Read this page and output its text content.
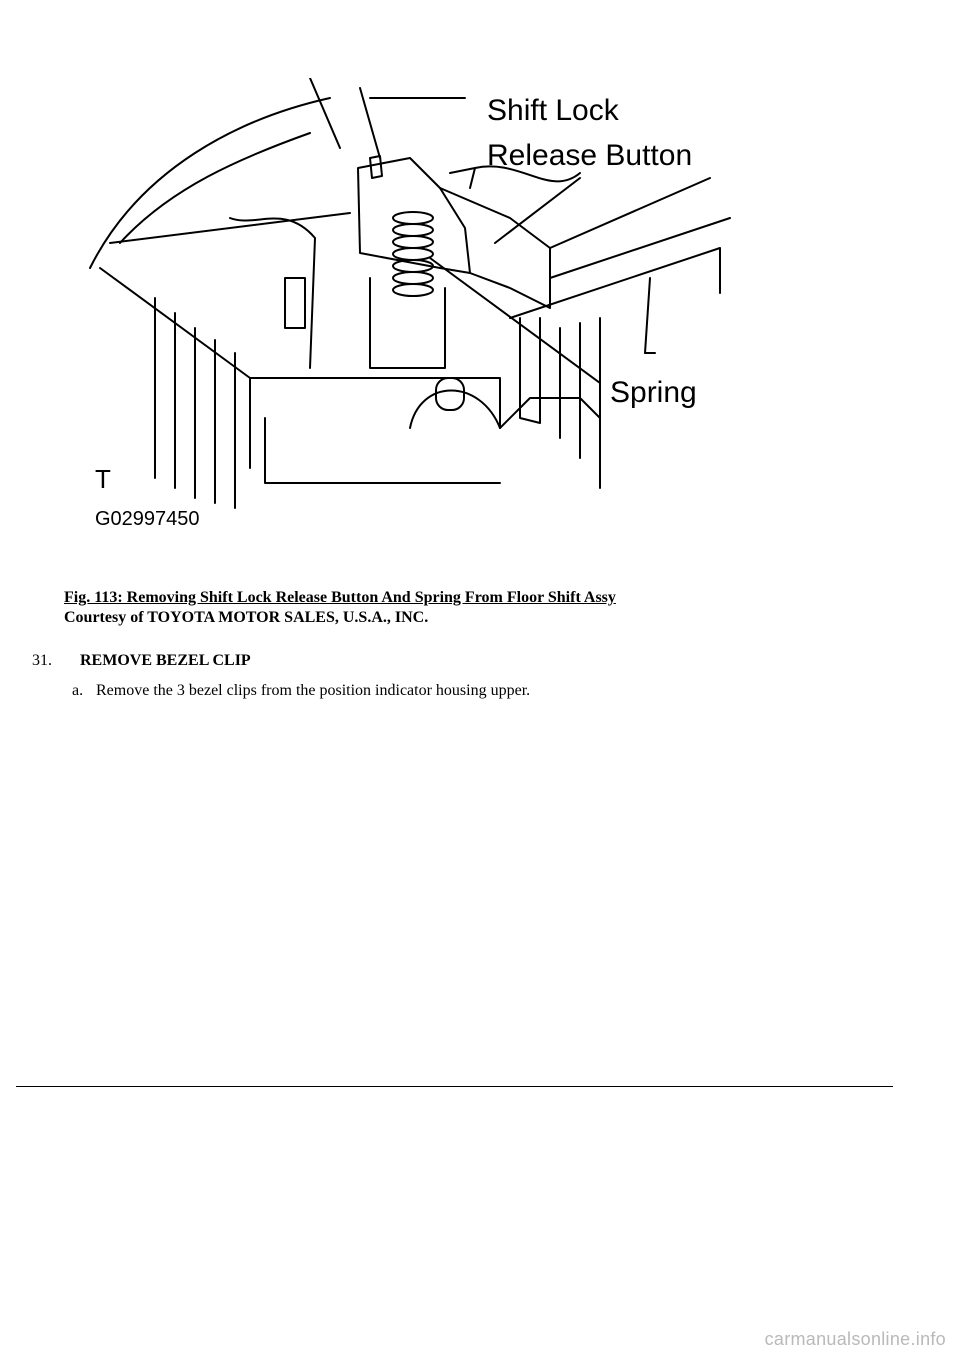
Shift Lock
Release Button
Spring
T
G02997450
Fig. 113: Removing Shift Lock Release Button And Spring From Floor Shift Assy
Courtesy of TOYOTA MOTOR SALES, U.S.A., INC.
31. REMOVE BEZEL CLIP
a. Remove the 3 bezel clips from the position indicator housing upper.
carmanualsonline.info
